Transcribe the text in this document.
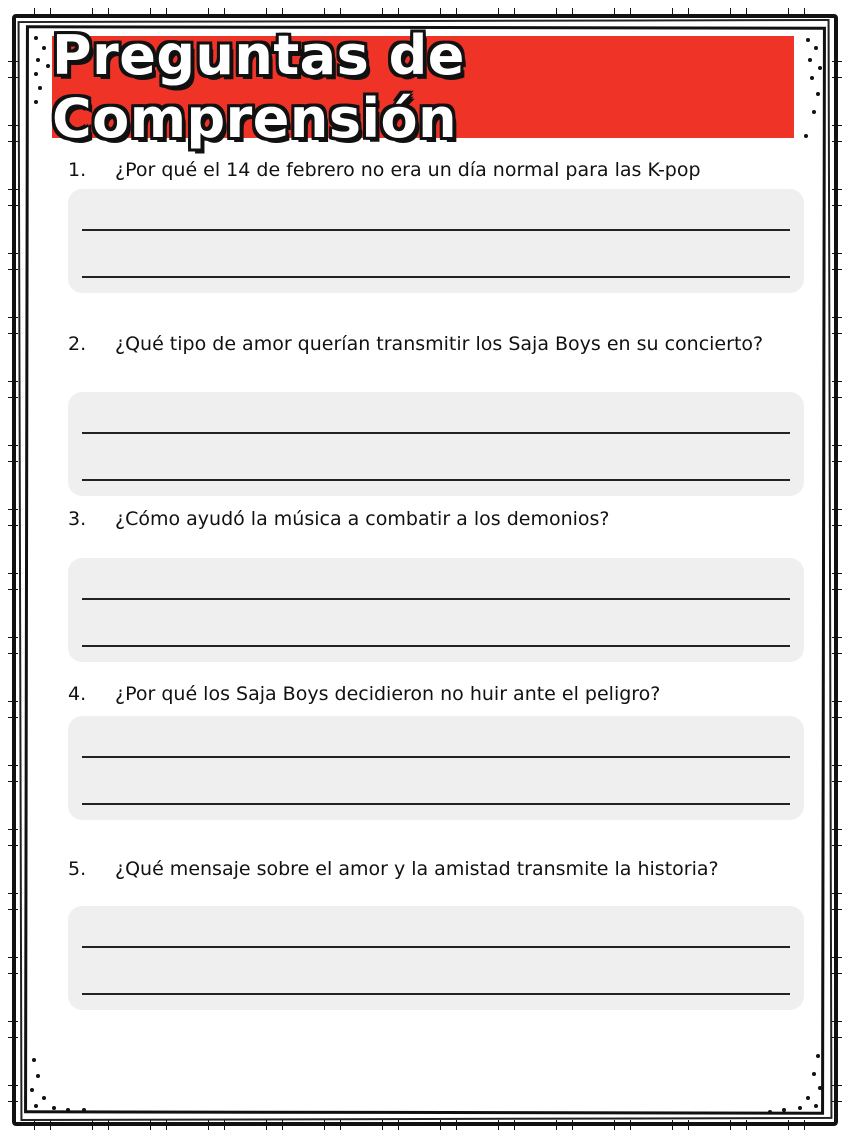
Preguntas de Comprensión
1.	¿Por qué el 14 de febrero no era un día normal para las K-pop
2.	¿Qué tipo de amor querían transmitir los Saja Boys en su concierto?
3.	¿Cómo ayudó la música a combatir a los demonios?
4.	¿Por qué los Saja Boys decidieron no huir ante el peligro?
5.	¿Qué mensaje sobre el amor y la amistad transmite la historia?
